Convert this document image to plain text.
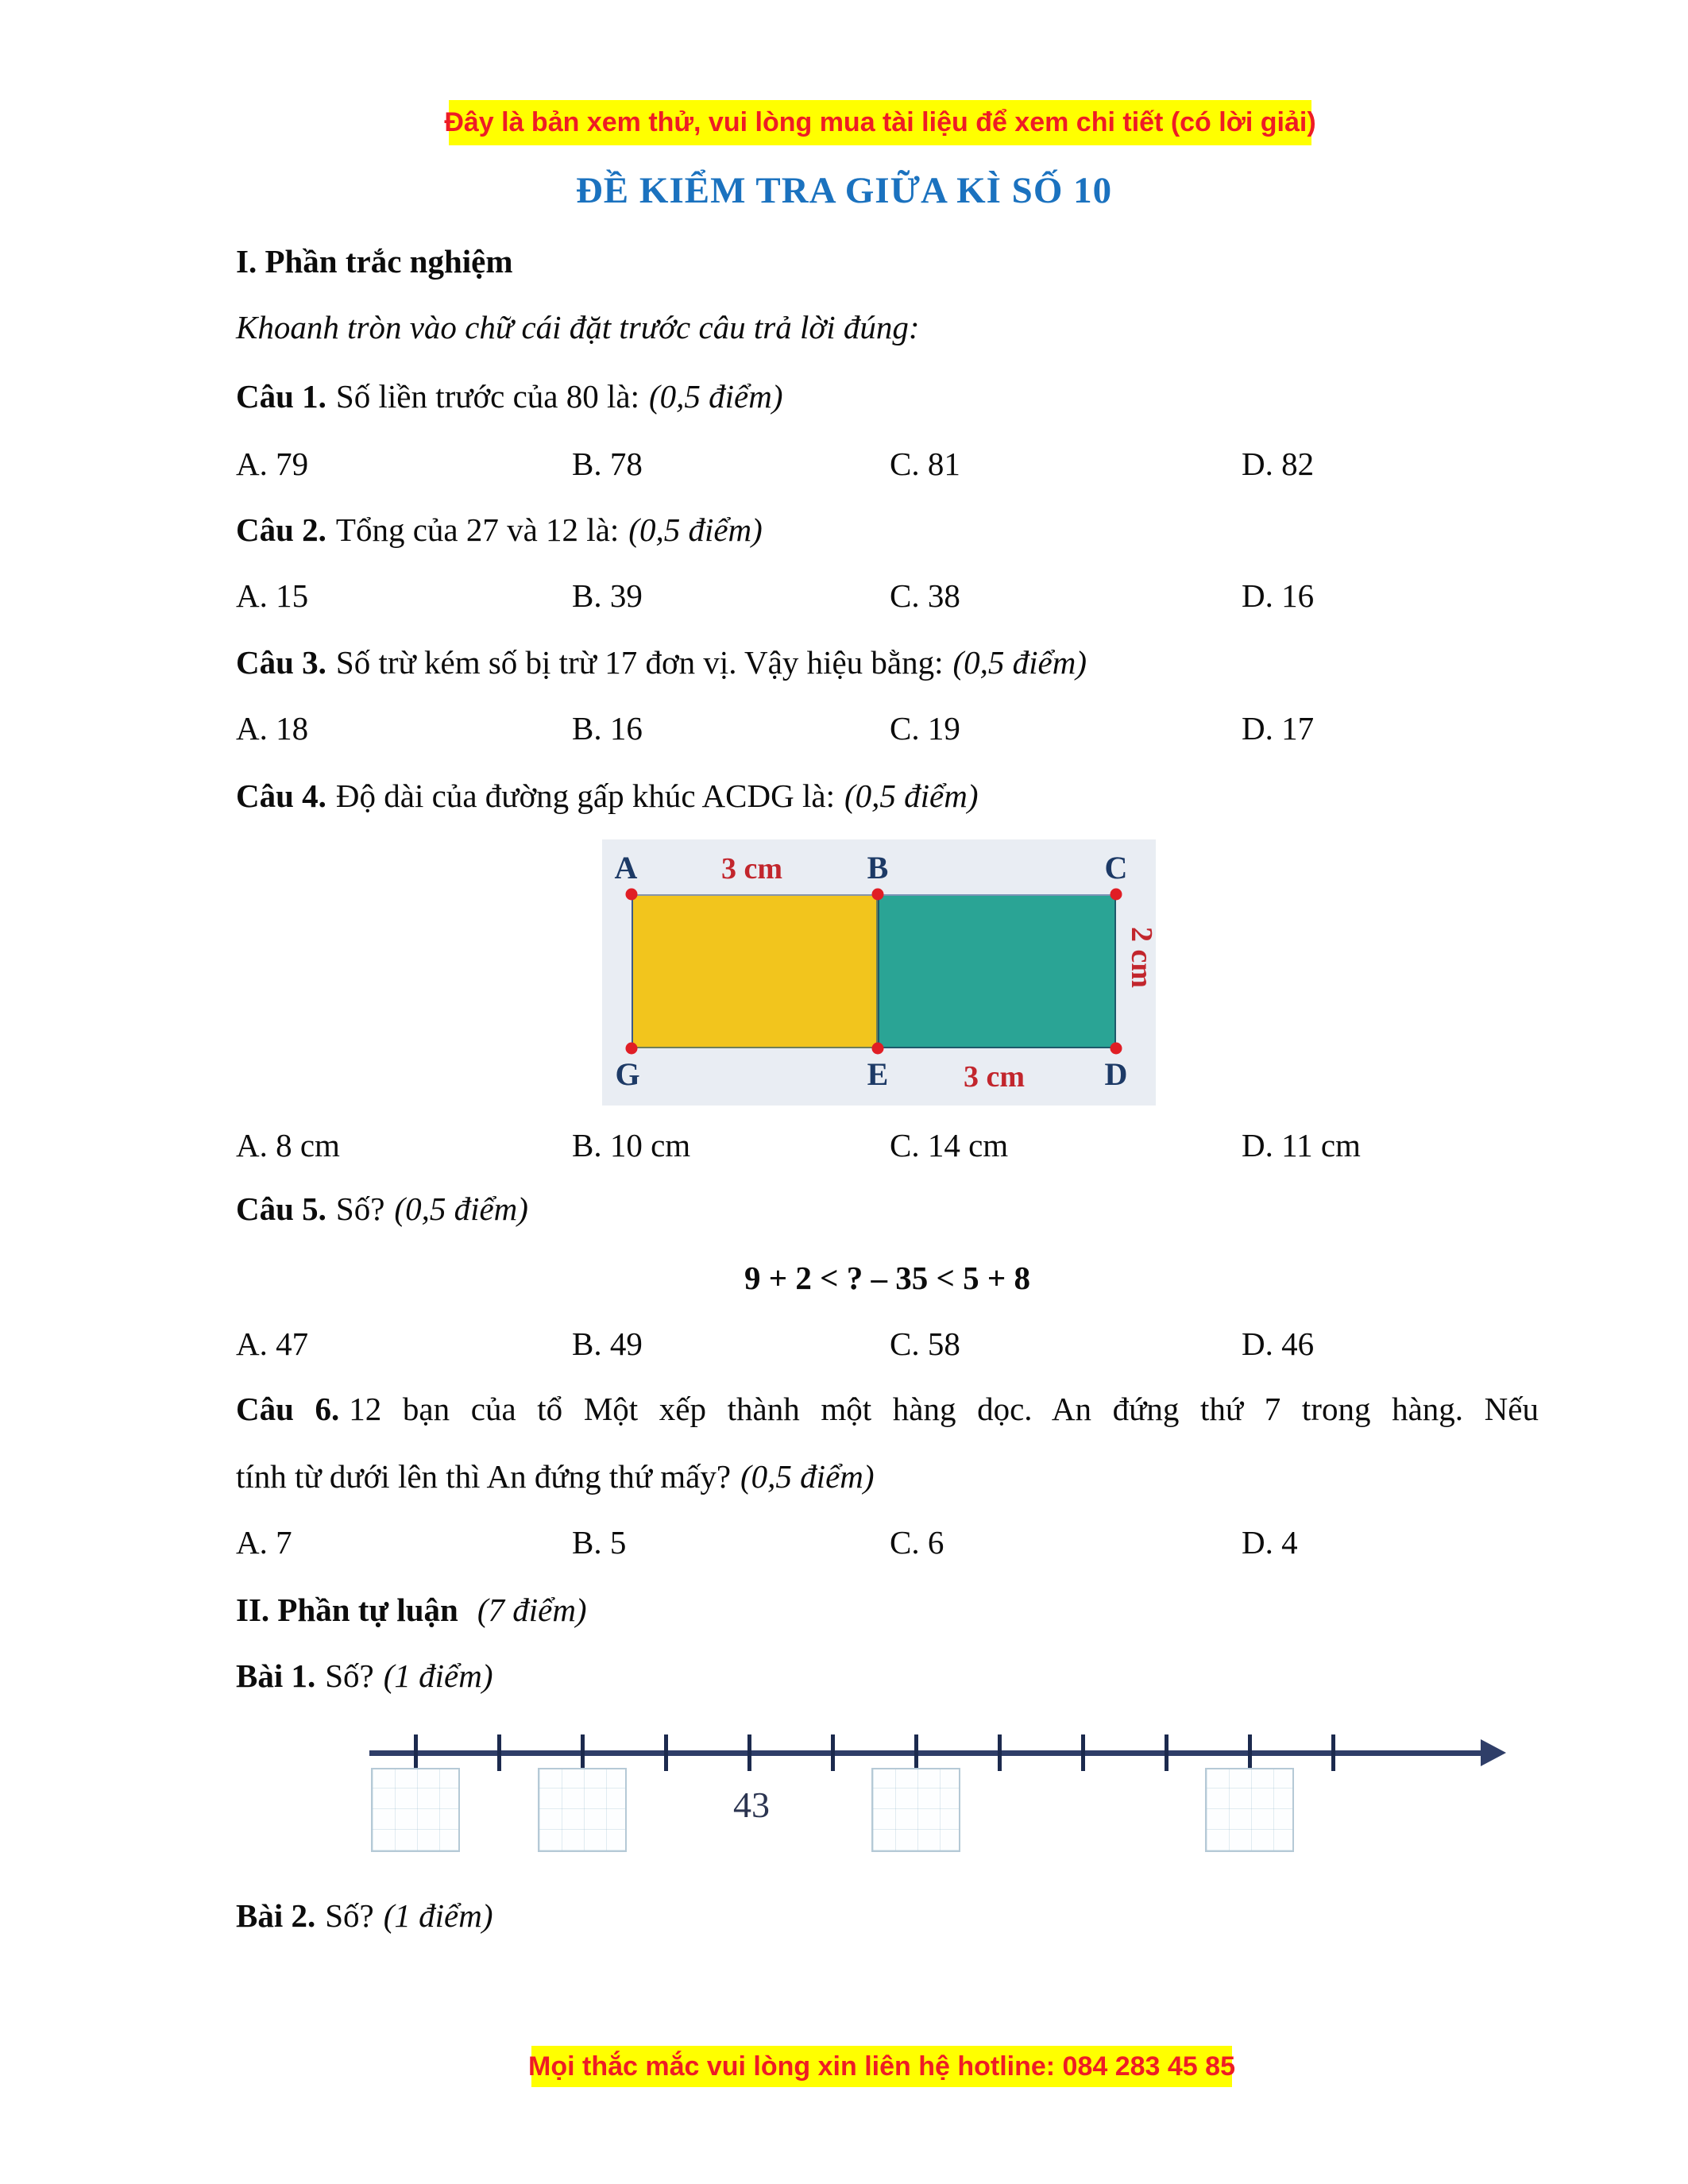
Đây là bản xem thử, vui lòng mua tài liệu để xem chi tiết (có lời giải)
ĐỀ KIỂM TRA GIỮA KÌ SỐ 10
I. Phần trắc nghiệm
Khoanh tròn vào chữ cái đặt trước câu trả lời đúng:

Câu 1. Số liền trước của 80 là: (0,5 điểm)

A. 79	B. 78	C. 81	D. 82

Câu 2. Tổng của 27 và 12 là: (0,5 điểm)

A. 15	B. 39	C. 38	D. 16

Câu 3. Số trừ kém số bị trừ 17 đơn vị. Vậy hiệu bằng: (0,5 điểm)

A. 18	B. 16	C. 19	D. 17

Câu 4. Độ dài của đường gấp khúc ACDG là: (0,5 điểm)

A	B	C
G	E	D
3 cm
2 cm
3 cm
A. 8 cm	B. 10 cm	C. 14 cm	D. 11 cm

Câu 5. Số? (0,5 điểm)

9 + 2 < ? – 35 < 5 + 8
A. 47	B. 49	C. 58	D. 46

Câu 6. 12 bạn của tổ Một xếp thành một hàng dọc. An đứng thứ 7 trong hàng. Nếu
tính từ dưới lên thì An đứng thứ mấy? (0,5 điểm)

A. 7	B. 5	C. 6	D. 4

II. Phần tự luận (7 điểm)

Bài 1. Số? (1 điểm)

43

Bài 2. Số? (1 điểm)

Mọi thắc mắc vui lòng xin liên hệ hotline: 084 283 45 85
